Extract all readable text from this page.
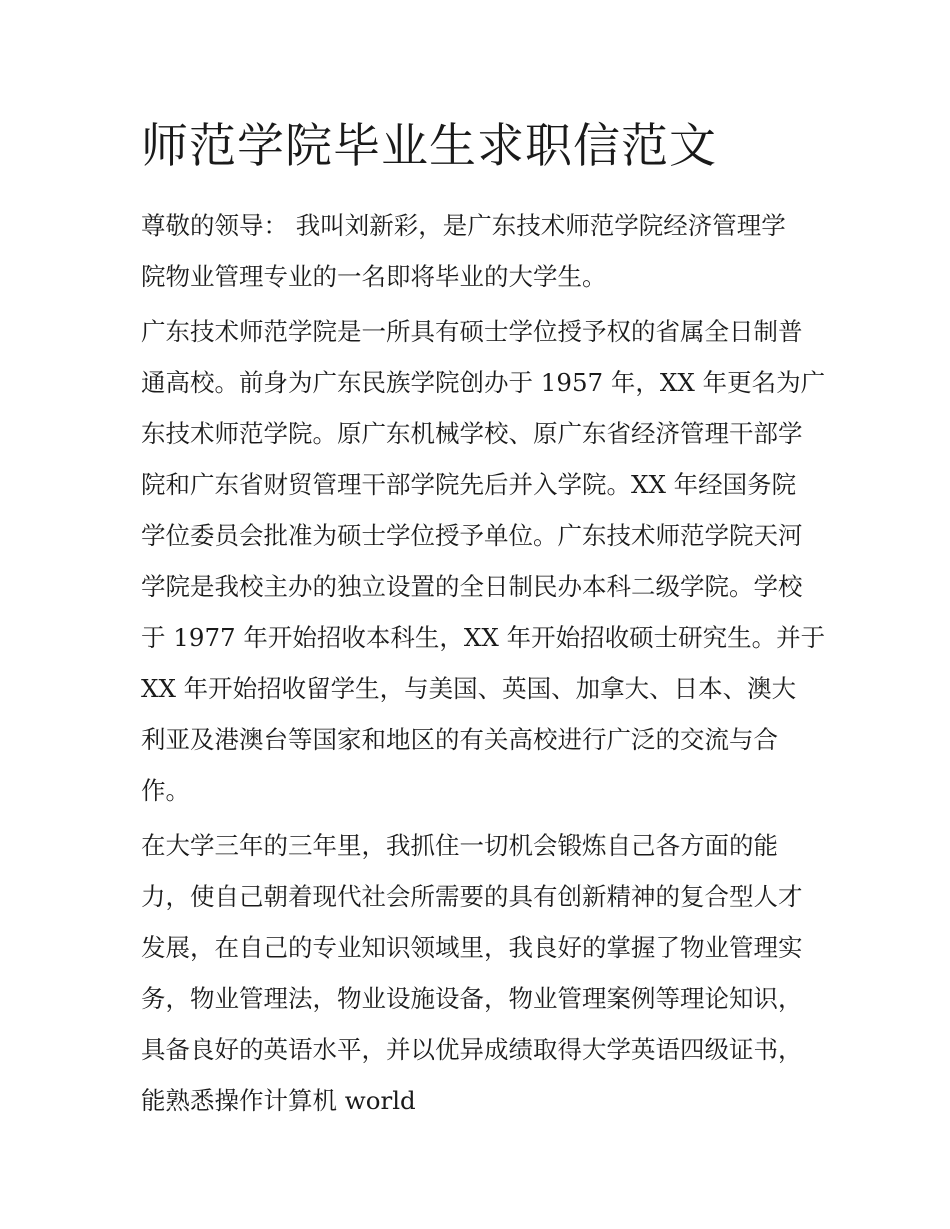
师范学院毕业生求职信范文
尊敬的领导： 我叫刘新彩，是广东技术师范学院经济管理学
院物业管理专业的一名即将毕业的大学生。
广东技术师范学院是一所具有硕士学位授予权的省属全日制普
通高校。前身为广东民族学院创办于 1957 年，XX 年更名为广
东技术师范学院。原广东机械学校、原广东省经济管理干部学
院和广东省财贸管理干部学院先后并入学院。XX 年经国务院
学位委员会批准为硕士学位授予单位。广东技术师范学院天河
学院是我校主办的独立设置的全日制民办本科二级学院。学校
于 1977 年开始招收本科生，XX 年开始招收硕士研究生。并于
XX 年开始招收留学生，与美国、英国、加拿大、日本、澳大
利亚及港澳台等国家和地区的有关高校进行广泛的交流与合
作。
在大学三年的三年里，我抓住一切机会锻炼自己各方面的能
力，使自己朝着现代社会所需要的具有创新精神的复合型人才
发展，在自己的专业知识领域里，我良好的掌握了物业管理实
务，物业管理法，物业设施设备，物业管理案例等理论知识，
具备良好的英语水平，并以优异成绩取得大学英语四级证书，
能熟悉操作计算机 world
